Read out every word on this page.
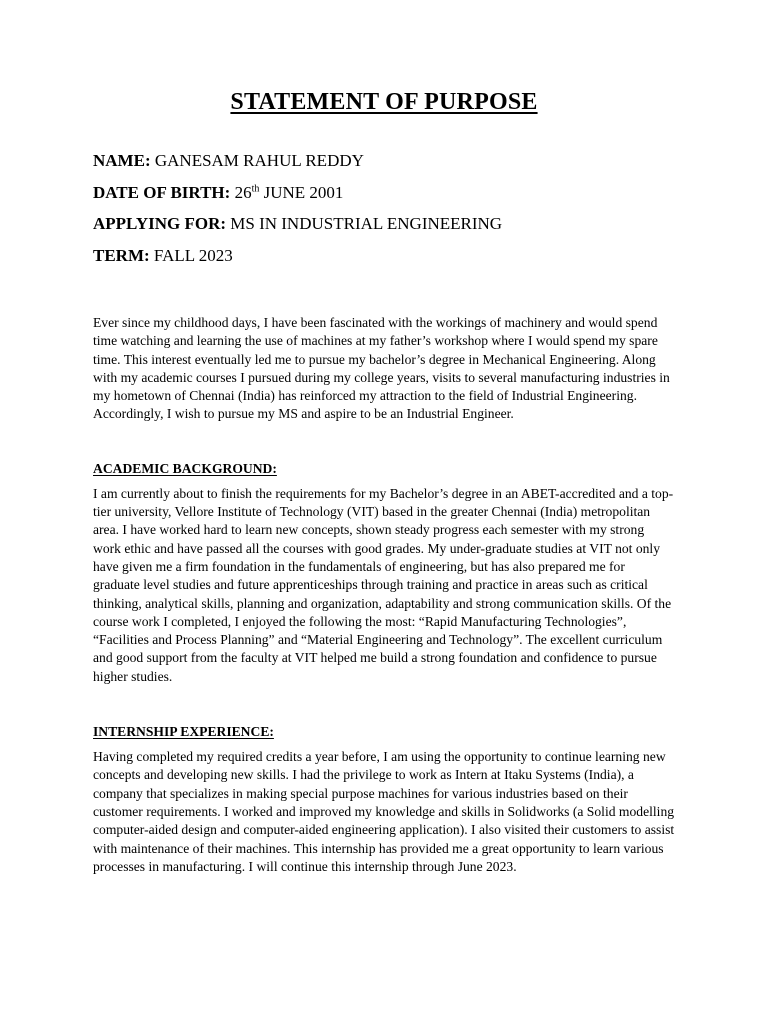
STATEMENT OF PURPOSE
NAME: GANESAM RAHUL REDDY
DATE OF BIRTH: 26th JUNE 2001
APPLYING FOR: MS IN INDUSTRIAL ENGINEERING
TERM: FALL 2023

Ever since my childhood days, I have been fascinated with the workings of machinery and would spend time watching and learning the use of machines at my father’s workshop where I would spend my spare time. This interest eventually led me to pursue my bachelor’s degree in Mechanical Engineering. Along with my academic courses I pursued during my college years, visits to several manufacturing industries in my hometown of Chennai (India) has reinforced my attraction to the field of Industrial Engineering. Accordingly, I wish to pursue my MS and aspire to be an Industrial Engineer.

ACADEMIC BACKGROUND:

I am currently about to finish the requirements for my Bachelor’s degree in an ABET-accredited and a top-tier university, Vellore Institute of Technology (VIT) based in the greater Chennai (India) metropolitan area. I have worked hard to learn new concepts, shown steady progress each semester with my strong work ethic and have passed all the courses with good grades. My under-graduate studies at VIT not only have given me a firm foundation in the fundamentals of engineering, but has also prepared me for graduate level studies and future apprenticeships through training and practice in areas such as critical thinking, analytical skills, planning and organization, adaptability and strong communication skills. Of the course work I completed, I enjoyed the following the most: “Rapid Manufacturing Technologies”, “Facilities and Process Planning” and “Material Engineering and Technology”. The excellent curriculum and good support from the faculty at VIT helped me build a strong foundation and confidence to pursue higher studies.

INTERNSHIP EXPERIENCE:

Having completed my required credits a year before, I am using the opportunity to continue learning new concepts and developing new skills. I had the privilege to work as Intern at Itaku Systems (India), a company that specializes in making special purpose machines for various industries based on their customer requirements. I worked and improved my knowledge and skills in Solidworks (a Solid modelling computer-aided design and computer-aided engineering application). I also visited their customers to assist with maintenance of their machines. This internship has provided me a great opportunity to learn various processes in manufacturing. I will continue this internship through June 2023.
